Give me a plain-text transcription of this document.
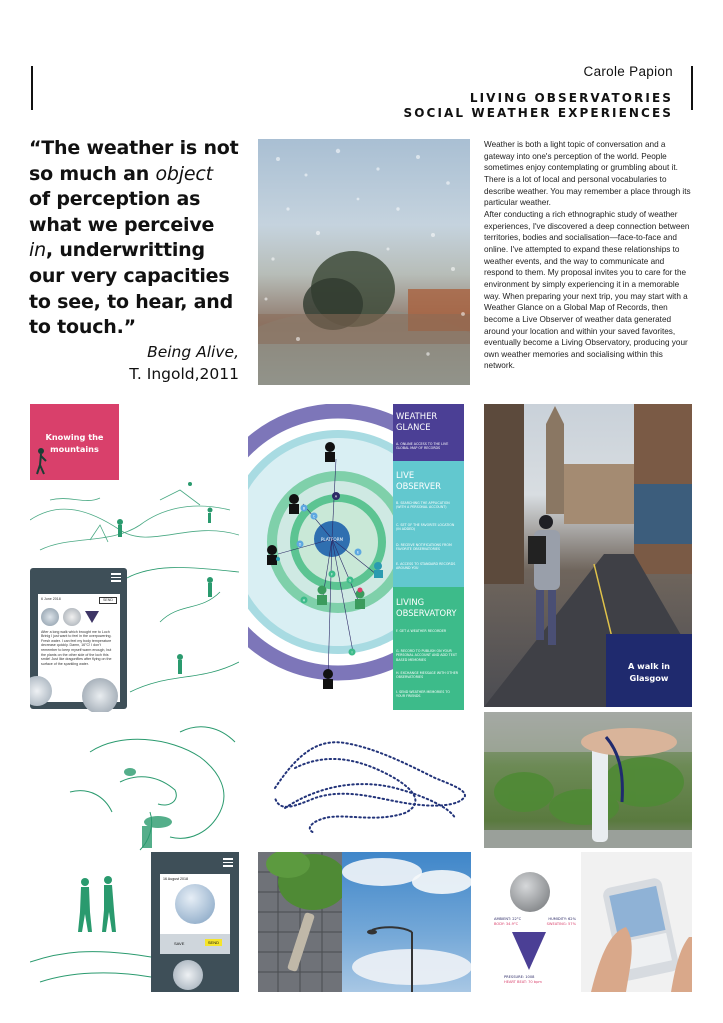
Carole Papion
LIVING OBSERVATORIES
SOCIAL WEATHER EXPERIENCES
“The weather is not
so much an object
of perception as
what we perceive
in, underwritting
our very capacities
to see, to hear, and
to touch.”
Being Alive,
T. Ingold,2011
Weather is both a light topic of conversation and a gateway into one's perception of the world. People sometimes enjoy contemplating or grumbling about it. There is a lot of local and personal vocabularies to describe weather. You may remember a place through its particular weather.
After conducting a rich ethnographic study of weather experiences, I've discovered a deep connection between territories, bodies and socialisation—face-to-face and online. I've attempted to expand these relationships to weather events, and the way to communicate and respond to them. My proposal invites you to care for the environment by simply experiencing it in a memorable way. When preparing your next trip, you may start with a Weather Glance on a Global Map of Records, then become a Live Observer of weather data generated around your location and within your saved favorites, eventually become a Living Observatory, producing your own weather memories and socialising within this network.
Knowing the
mountains
6 June 2018	SEND
After a long walk which brought me to Loch Brinig I just want to feel in the overpowering. Fresh water. I can feel my body temperature decrease quickly. Damn, 16°C! I don't remember to keep myself warm enough, but the plants on the other side of the loch this smile! Just like dragonflies after flying on the surface of the sparkling water.
16 August 2018
SAVE	SEND
A
B
C
D
E
F
G
H
I
PLATFORM
WEATHER
GLANCE
A. ONLINE ACCESS TO THE LIVE GLOBAL MAP OF RECORDS
LIVE
OBSERVER
B. SEARCHING THE APPLICATION (WITH A PERSONAL ACCOUNT)
C. SET OF THE FAVORITE LOCATION (IN ADDED)
D. RECEIVE NOTIFICATIONS FROM FAVORITE OBSERVATORIES
E. ACCESS TO STANDARD RECORDS AROUND YOU
LIVING
OBSERVATORY
F. GET A WEATHER RECORDER
G. RECORD TO PUBLISH ON YOUR PERSONAL ACCOUNT AND ADD TEXT BASED MEMORIES
H. EXCHANGE MESSAGE WITH OTHER OBSERVATORIES
I. SEND WEATHER MEMORIES TO YOUR FRIENDS
A walk in
Glasgow
AMBIENT: 22°C	HUMIDITY: 62%
BODY: 34.9°C	SWEATING: 57%
PRESSURE: 1008
HEART BEAT: 70 bpm
